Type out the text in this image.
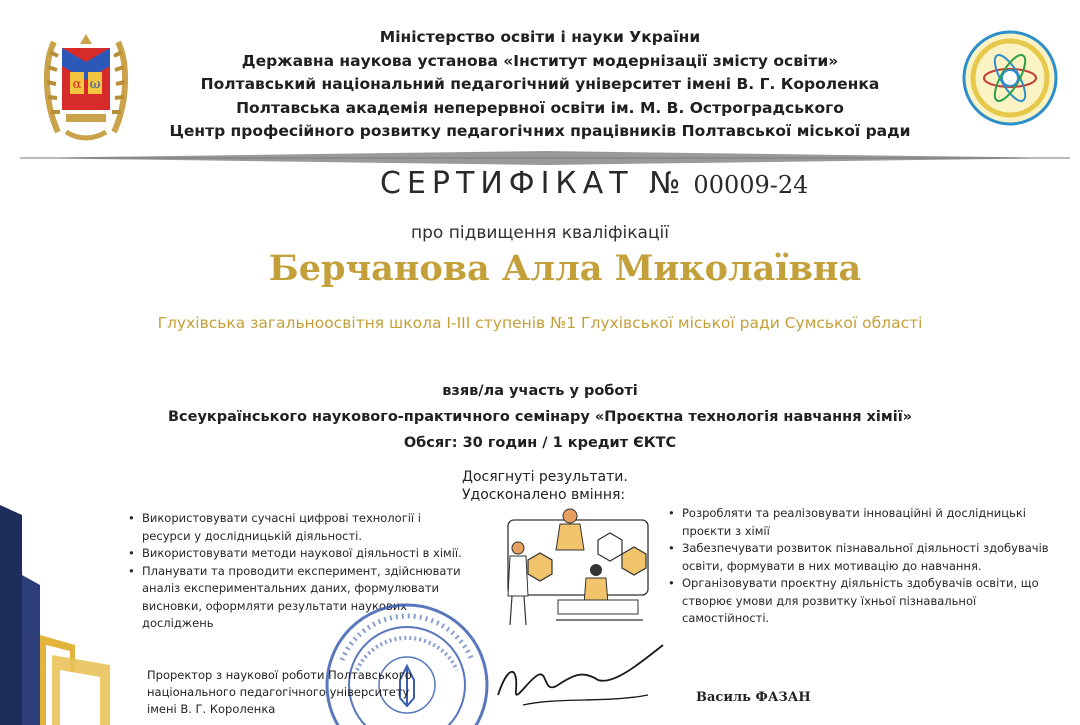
α ω
Міністерство освіти і науки України
Державна наукова установа «Інститут модернізації змісту освіти»
Полтавський національний педагогічний університет імені В. Г. Короленка
Полтавська академія неперервної освіти ім. М. В. Остроградського
Центр професійного розвитку педагогічних працівників Полтавської міської ради
СЕРТИФІКАТ № 00009-24
про підвищення кваліфікації
Берчанова Алла Миколаївна
Глухівська загальноосвітня школа І-ІІІ ступенів №1 Глухівської міської ради Сумської області
взяв/ла участь у роботі
Всеукраїнського наукового-практичного семінару «Проєктна технологія навчання хімії»
Обсяг: 30 годин / 1 кредит ЄКТС
Досягнуті результати.
Удосконалено вміння:
• Використовувати сучасні цифрові технології і ресурси у дослідницькій діяльності.
• Використовувати методи наукової діяльності в хімії.
• Планувати та проводити експеримент, здійснювати аналіз експериментальних даних, формулювати висновки, оформляти результати наукових досліджень
• Розробляти та реалізовувати інноваційні й дослідницькі проєкти з хімії
• Забезпечувати розвиток пізнавальної діяльності здобувачів освіти, формувати в них мотивацію до навчання.
• Організовувати проєктну діяльність здобувачів освіти, що створює умови для розвитку їхньої пізнавальної самостійності.
Проректор з наукової роботи Полтавського
національного педагогічного університету
імені В. Г. Короленка
Василь ФАЗАН
